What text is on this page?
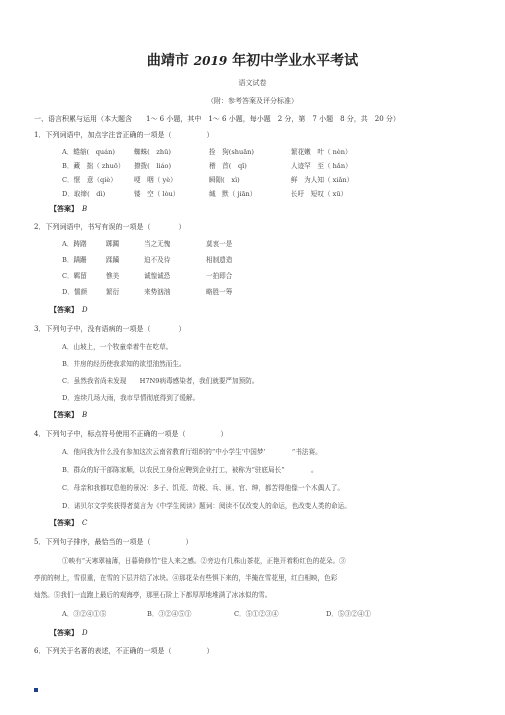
曲靖市 2019 年初中学业水平考试
语文试卷
（附：参考答案及评分标准）
一、语言积累与运用（本大题含　　1～ 6 小题，其中　1～ 6 小题，每小题　2 分，第　7 小题　8 分，共　20 分）
1．下列词语中，加点字注音正确的一项是（　　　　　）
A．蜷缩(　quán)	蜘蛛(　zhū)	拴　狗(shuān)	繁花嫩　叶（ nèn）
B．藏　拙（ zhuō）	撩拨(　liáo)	稽　首(　qǐ)	人迹罕　至（ hǎn）
C．惬　意（qiè）	哽　咽（ yè）	瞬隙(　xì)	鲜　为人知（ xiǎn）
D．取缔(　dì)	镂　空（ lòu）	缄　默（ jiān）	长吁　短叹（ xū）
【答案】 B
2．下列词语中，书写有误的一项是（　　　　）
A．踌躇	踯躅	当之无愧	莫衷一是
B．蹒跚	蹂躏	迫不及待	相制遗造
C．羁留	憔美	诚惶诚恐	一拍即合
D．懦颜	繁衍	来势汹汹	略胜一筹
【答案】 D
3．下列句子中，没有语病的一项是（　　　　）
A．山坡上，一个牧童牵着牛在吃草。
B．井房的经历使我求知的欲望油然而生。
C．虽然我省尚未发现　　H7N9病毒感染者，我们就要严加预防。
D．连续几场大雨，我市旱情彻底得到了缓解。
【答案】 B
4．下列句子中，标点符号使用不正确的一项是（　　　　　）
A．他问我为什么没有参加这次云南省教育厅组织的“中小学生‘中国梦’　　　　”书法赛。
B．群众的好干部陈家顺，以农民工身份应聘到企业打工，被称为“驻底局长”　　　　。
C．母亲和我都叹息他的景况：多子、饥荒、苛税、兵、匪、官、绅，都苦得他像一个木偶人了。
D．诺贝尔文学奖获得者莫言为《中学生阅读》题词：阅读不仅改变人的命运，也改变人类的命运。
【答案】 C
5．下列句子排序，最恰当的一项是（　　　　　）
①映有“天寒翠袖薄，日暮倚修竹”佳人来之感。②旁边有几株山茶花，正艳开着粉红色的花朵。③
亭前的树上，雪很重，在雪的下层并结了冰块。④那花朵有些惧下来的，半掩在雪花里，红白相映，色彩
灿然。⑤我们一直跑上最后的观海亭，那里石阶上下都厚厚地堆满了冰冰似的雪。
A．③②④①⑤	B．③②④⑤①	C．⑤①②③④	D．⑤③②④①
【答案】 D
6．下列关于名著的表述，不正确的一项是（　　　　　）
